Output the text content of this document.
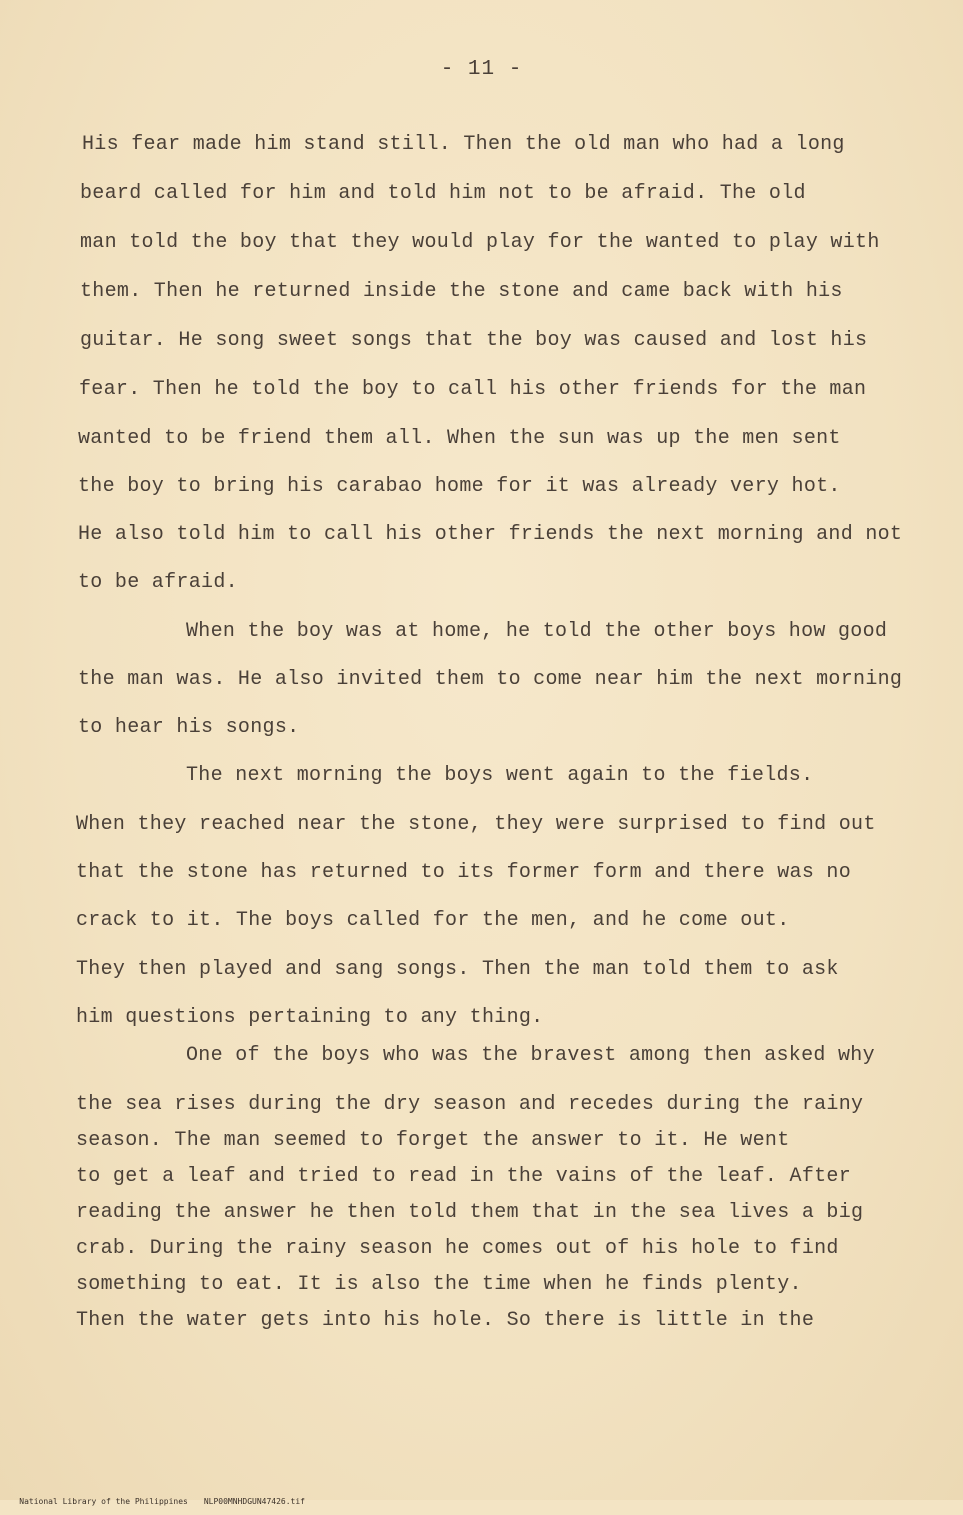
- 11 -
His fear made him stand still. Then the old man who had a long
beard called for him and told him not to be afraid. The old
man told the boy that they would play for the wanted to play with
them. Then he returned inside the stone and came back with his
guitar. He song sweet songs that the boy was caused and lost his
fear. Then he told the boy to call his other friends for the man
wanted to be friend them all. When the sun was up the men sent
the boy to bring his carabao home for it was already very hot.
He also told him to call his other friends the next morning and not
to be afraid.
When the boy was at home, he told the other boys how good
the man was. He also invited them to come near him the next morning
to hear his songs.
The next morning the boys went again to the fields.
When they reached near the stone, they were surprised to find out
that the stone has returned to its former form and there was no
crack to it. The boys called for the men, and he come out.
They then played and sang songs. Then the man told them to ask
him questions pertaining to any thing.
One of the boys who was the bravest among then asked why
the sea rises during the dry season and recedes during the rainy
season. The man seemed to forget the answer to it. He went
to get a leaf and tried to read in the vains of the leaf. After
reading the answer he then told them that in the sea lives a big
crab. During the rainy season he comes out of his hole to find
something to eat. It is also the time when he finds plenty.
Then the water gets into his hole. So there is little in the

National Library of the Philippines NLP00MNHDGUN47426.tif
